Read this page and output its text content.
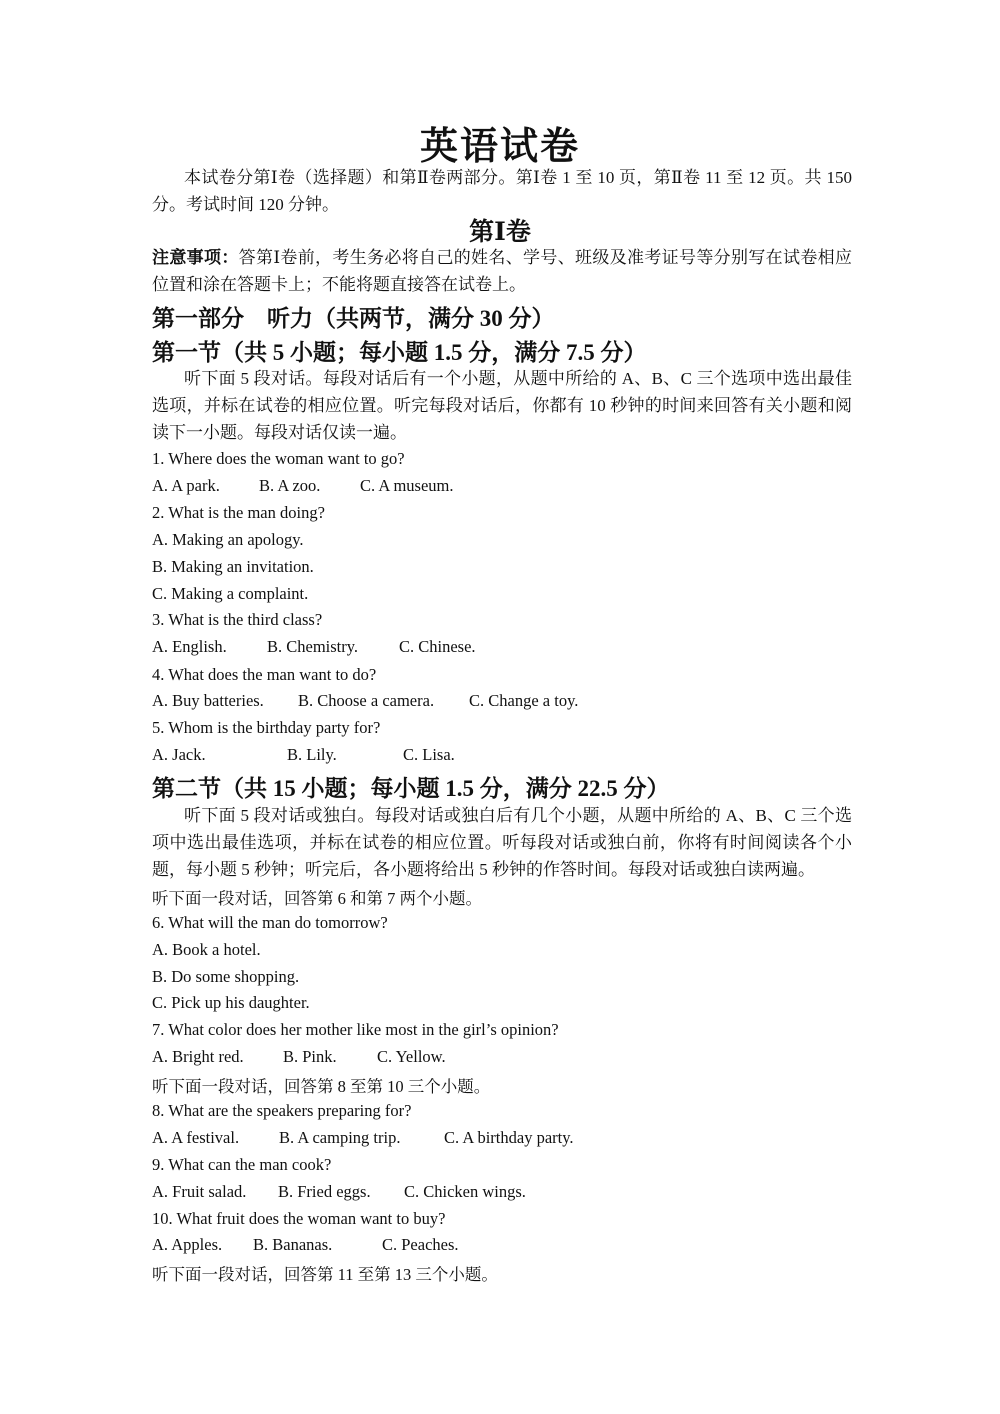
英语试卷
本试卷分第Ⅰ卷（选择题）和第Ⅱ卷两部分。第Ⅰ卷 1 至 10 页，第Ⅱ卷 11 至 12 页。共 150 分。考试时间 120 分钟。
第Ⅰ卷
注意事项：答第Ⅰ卷前，考生务必将自己的姓名、学号、班级及准考证号等分别写在试卷相应位置和涂在答题卡上；不能将题直接答在试卷上。
第一部分　听力（共两节，满分 30 分）
第一节（共 5 小题；每小题 1.5 分，满分 7.5 分）
听下面 5 段对话。每段对话后有一个小题，从题中所给的 A、B、C 三个选项中选出最佳选项，并标在试卷的相应位置。听完每段对话后，你都有 10 秒钟的时间来回答有关小题和阅读下一小题。每段对话仅读一遍。
1. Where does the woman want to go?
A. A park. B. A zoo. C. A museum.
2. What is the man doing?
A. Making an apology.
B. Making an invitation.
C. Making a complaint.
3. What is the third class?
A. English. B. Chemistry. C. Chinese.
4. What does the man want to do?
A. Buy batteries. B. Choose a camera. C. Change a toy.
5. Whom is the birthday party for?
A. Jack.	B. Lily.	C. Lisa.
第二节（共 15 小题；每小题 1.5 分，满分 22.5 分）
听下面 5 段对话或独白。每段对话或独白后有几个小题，从题中所给的 A、B、C 三个选项中选出最佳选项，并标在试卷的相应位置。听每段对话或独白前，你将有时间阅读各个小题，每小题 5 秒钟；听完后，各小题将给出 5 秒钟的作答时间。每段对话或独白读两遍。
听下面一段对话，回答第 6 和第 7 两个小题。
6. What will the man do tomorrow?
A. Book a hotel.
B. Do some shopping.
C. Pick up his daughter.
7. What color does her mother like most in the girl’s opinion?
A. Bright red. B. Pink. C. Yellow.
听下面一段对话，回答第 8 至第 10 三个小题。
8. What are the speakers preparing for?
A. A festival. B. A camping trip.	C. A birthday party.
9. What can the man cook?
A. Fruit salad. B. Fried eggs. C. Chicken wings.
10. What fruit does the woman want to buy?
A. Apples. B. Bananas.	C. Peaches.
听下面一段对话，回答第 11 至第 13 三个小题。
